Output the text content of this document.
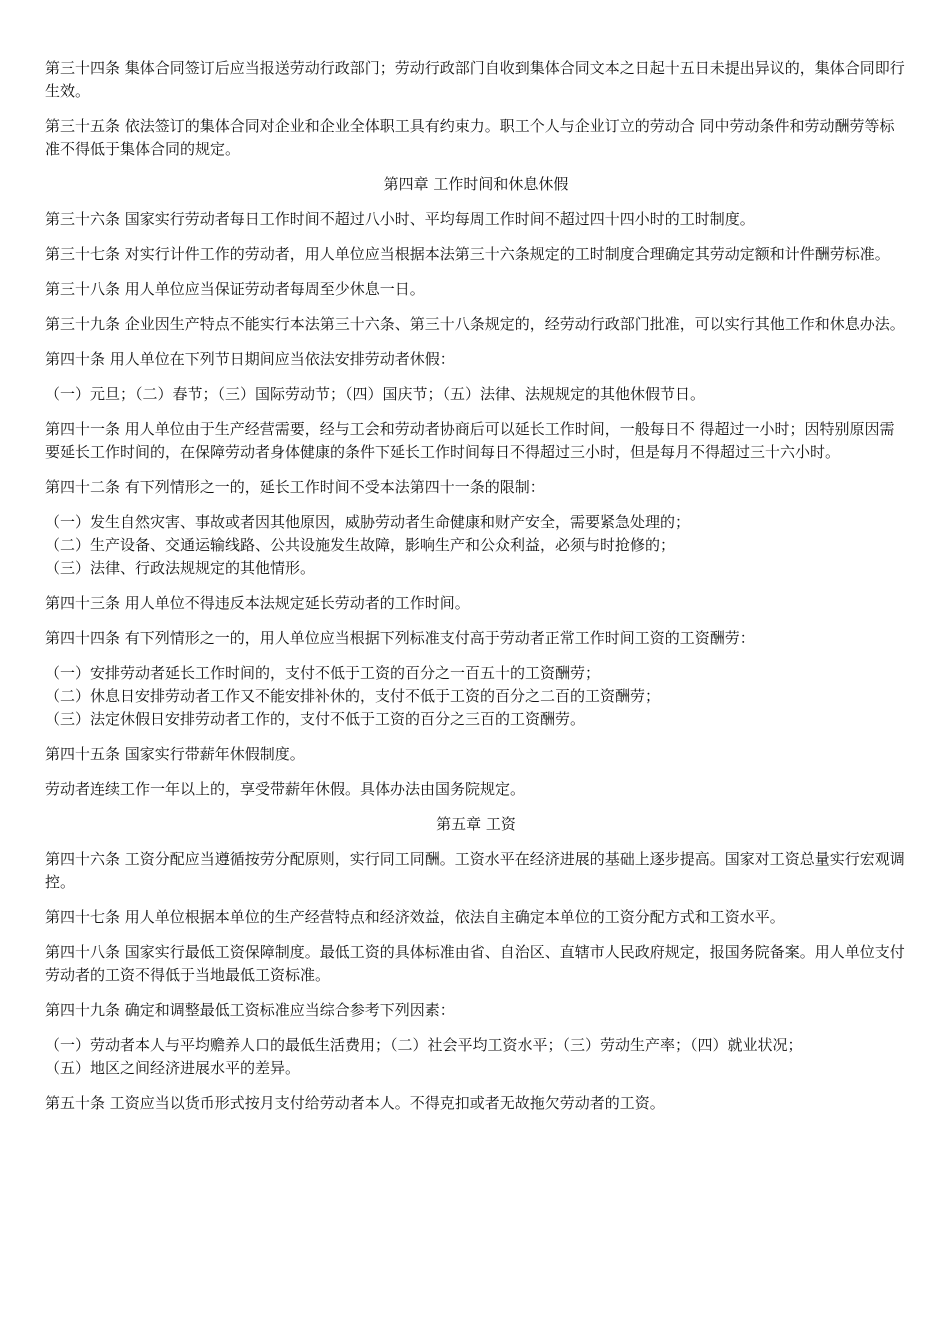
第三十四条 集体合同签订后应当报送劳动行政部门；劳动行政部门自收到集体合同文本之日起十五日未提出异议的，集体合同即行生效。

第三十五条 依法签订的集体合同对企业和企业全体职工具有约束力。职工个人与企业订立的劳动合 同中劳动条件和劳动酬劳等标准不得低于集体合同的规定。

第四章 工作时间和休息休假

第三十六条 国家实行劳动者每日工作时间不超过八小时、平均每周工作时间不超过四十四小时的工时制度。

第三十七条 对实行计件工作的劳动者，用人单位应当根据本法第三十六条规定的工时制度合理确定其劳动定额和计件酬劳标准。

第三十八条 用人单位应当保证劳动者每周至少休息一日。

第三十九条 企业因生产特点不能实行本法第三十六条、第三十八条规定的，经劳动行政部门批准，可以实行其他工作和休息办法。

第四十条 用人单位在下列节日期间应当依法安排劳动者休假：

（一）元旦；（二）春节；（三）国际劳动节；（四）国庆节；（五）法律、法规规定的其他休假节日。

第四十一条 用人单位由于生产经营需要，经与工会和劳动者协商后可以延长工作时间，一般每日不 得超过一小时；因特别原因需要延长工作时间的，在保障劳动者身体健康的条件下延长工作时间每日不得超过三小时，但是每月不得超过三十六小时。

第四十二条 有下列情形之一的，延长工作时间不受本法第四十一条的限制：

（一）发生自然灾害、事故或者因其他原因，威胁劳动者生命健康和财产安全，需要紧急处理的；

（二）生产设备、交通运输线路、公共设施发生故障，影响生产和公众利益，必须与时抢修的；

（三）法律、行政法规规定的其他情形。

第四十三条 用人单位不得违反本法规定延长劳动者的工作时间。

第四十四条 有下列情形之一的，用人单位应当根据下列标准支付高于劳动者正常工作时间工资的工资酬劳：

（一）安排劳动者延长工作时间的，支付不低于工资的百分之一百五十的工资酬劳；

（二）休息日安排劳动者工作又不能安排补休的，支付不低于工资的百分之二百的工资酬劳；

（三）法定休假日安排劳动者工作的，支付不低于工资的百分之三百的工资酬劳。

第四十五条 国家实行带薪年休假制度。

劳动者连续工作一年以上的，享受带薪年休假。具体办法由国务院规定。

第五章 工资

第四十六条 工资分配应当遵循按劳分配原则，实行同工同酬。工资水平在经济进展的基础上逐步提高。国家对工资总量实行宏观调控。

第四十七条 用人单位根据本单位的生产经营特点和经济效益，依法自主确定本单位的工资分配方式和工资水平。

第四十八条 国家实行最低工资保障制度。最低工资的具体标准由省、自治区、直辖市人民政府规定，报国务院备案。用人单位支付劳动者的工资不得低于当地最低工资标准。

第四十九条 确定和调整最低工资标准应当综合参考下列因素：

（一）劳动者本人与平均赡养人口的最低生活费用；（二）社会平均工资水平；（三）劳动生产率；（四）就业状况；

（五）地区之间经济进展水平的差异。

第五十条 工资应当以货币形式按月支付给劳动者本人。不得克扣或者无故拖欠劳动者的工资。
